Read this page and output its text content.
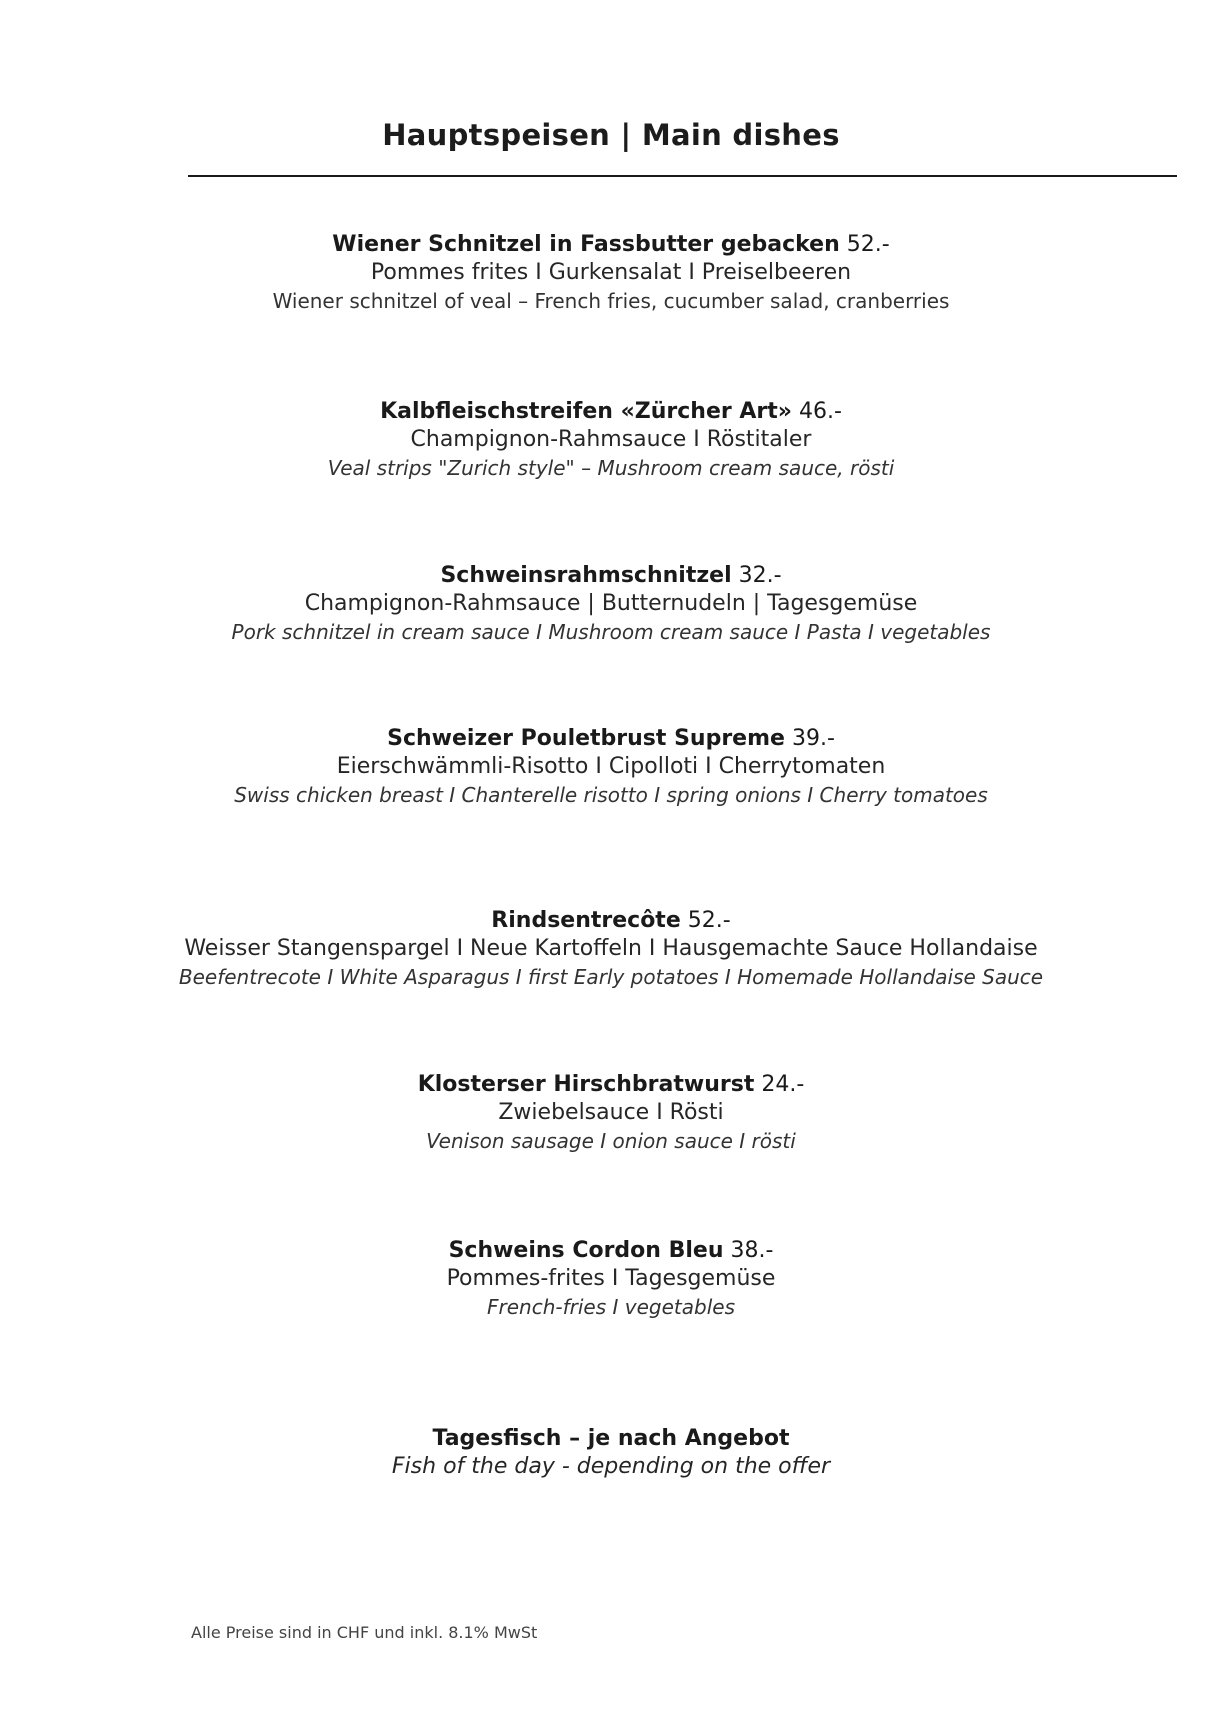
Hauptspeisen | Main dishes
Wiener Schnitzel in Fassbutter gebacken 52.-
Pommes frites I Gurkensalat I Preiselbeeren
Wiener schnitzel of veal – French fries, cucumber salad, cranberries
Kalbfleischstreifen «Zürcher Art» 46.-
Champignon-Rahmsauce I Röstitaler
Veal strips "Zurich style" – Mushroom cream sauce, rösti
Schweinsrahmschnitzel 32.-
Champignon-Rahmsauce | Butternudeln | Tagesgemüse
Pork schnitzel in cream sauce I Mushroom cream sauce I Pasta I vegetables
Schweizer Pouletbrust Supreme 39.-
Eierschwämmli-Risotto I Cipolloti I Cherrytomaten
Swiss chicken breast I Chanterelle risotto I spring onions I Cherry tomatoes
Rindsentrecôte 52.-
Weisser Stangenspargel I Neue Kartoffeln I Hausgemachte Sauce Hollandaise
Beefentrecote I White Asparagus I first Early potatoes I Homemade Hollandaise Sauce
Klosterser Hirschbratwurst 24.-
Zwiebelsauce I Rösti
Venison sausage I onion sauce I rösti
Schweins Cordon Bleu 38.-
Pommes-frites I Tagesgemüse
French-fries I vegetables
Tagesfisch – je nach Angebot
Fish of the day - depending on the offer
Alle Preise sind in CHF und inkl. 8.1% MwSt
